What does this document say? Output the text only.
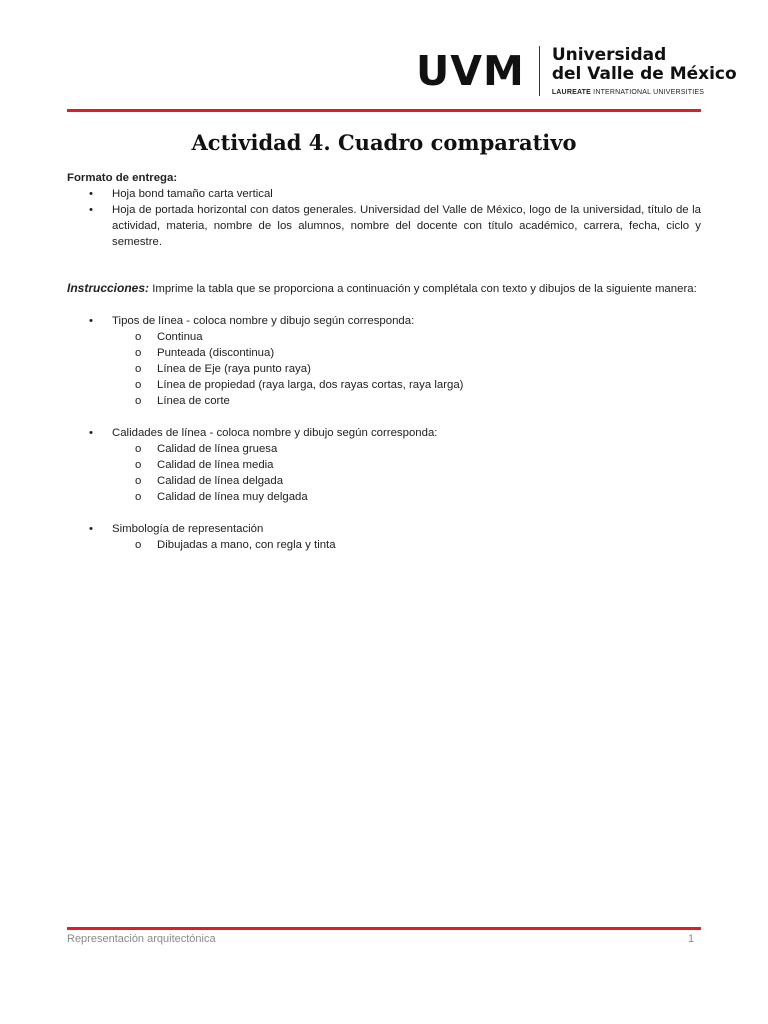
UVM Universidad
del Valle de México
LAUREATE INTERNATIONAL UNIVERSITIES
Actividad 4. Cuadro comparativo
Formato de entrega:
• Hoja bond tamaño carta vertical
• Hoja de portada horizontal con datos generales. Universidad del Valle de México, logo de la universidad, título de la actividad, materia, nombre de los alumnos, nombre del docente con título académico, carrera, fecha, ciclo y semestre.
Instrucciones: Imprime la tabla que se proporciona a continuación y complétala con texto y dibujos de la siguiente manera:
• Tipos de línea - coloca nombre y dibujo según corresponda:
o Continua
o Punteada (discontinua)
o Línea de Eje (raya punto raya)
o Línea de propiedad (raya larga, dos rayas cortas, raya larga)
o Línea de corte
• Calidades de línea - coloca nombre y dibujo según corresponda:
o Calidad de línea gruesa
o Calidad de línea media
o Calidad de línea delgada
o Calidad de línea muy delgada
• Simbología de representación
o Dibujadas a mano, con regla y tinta
Representación arquitectónica	1
